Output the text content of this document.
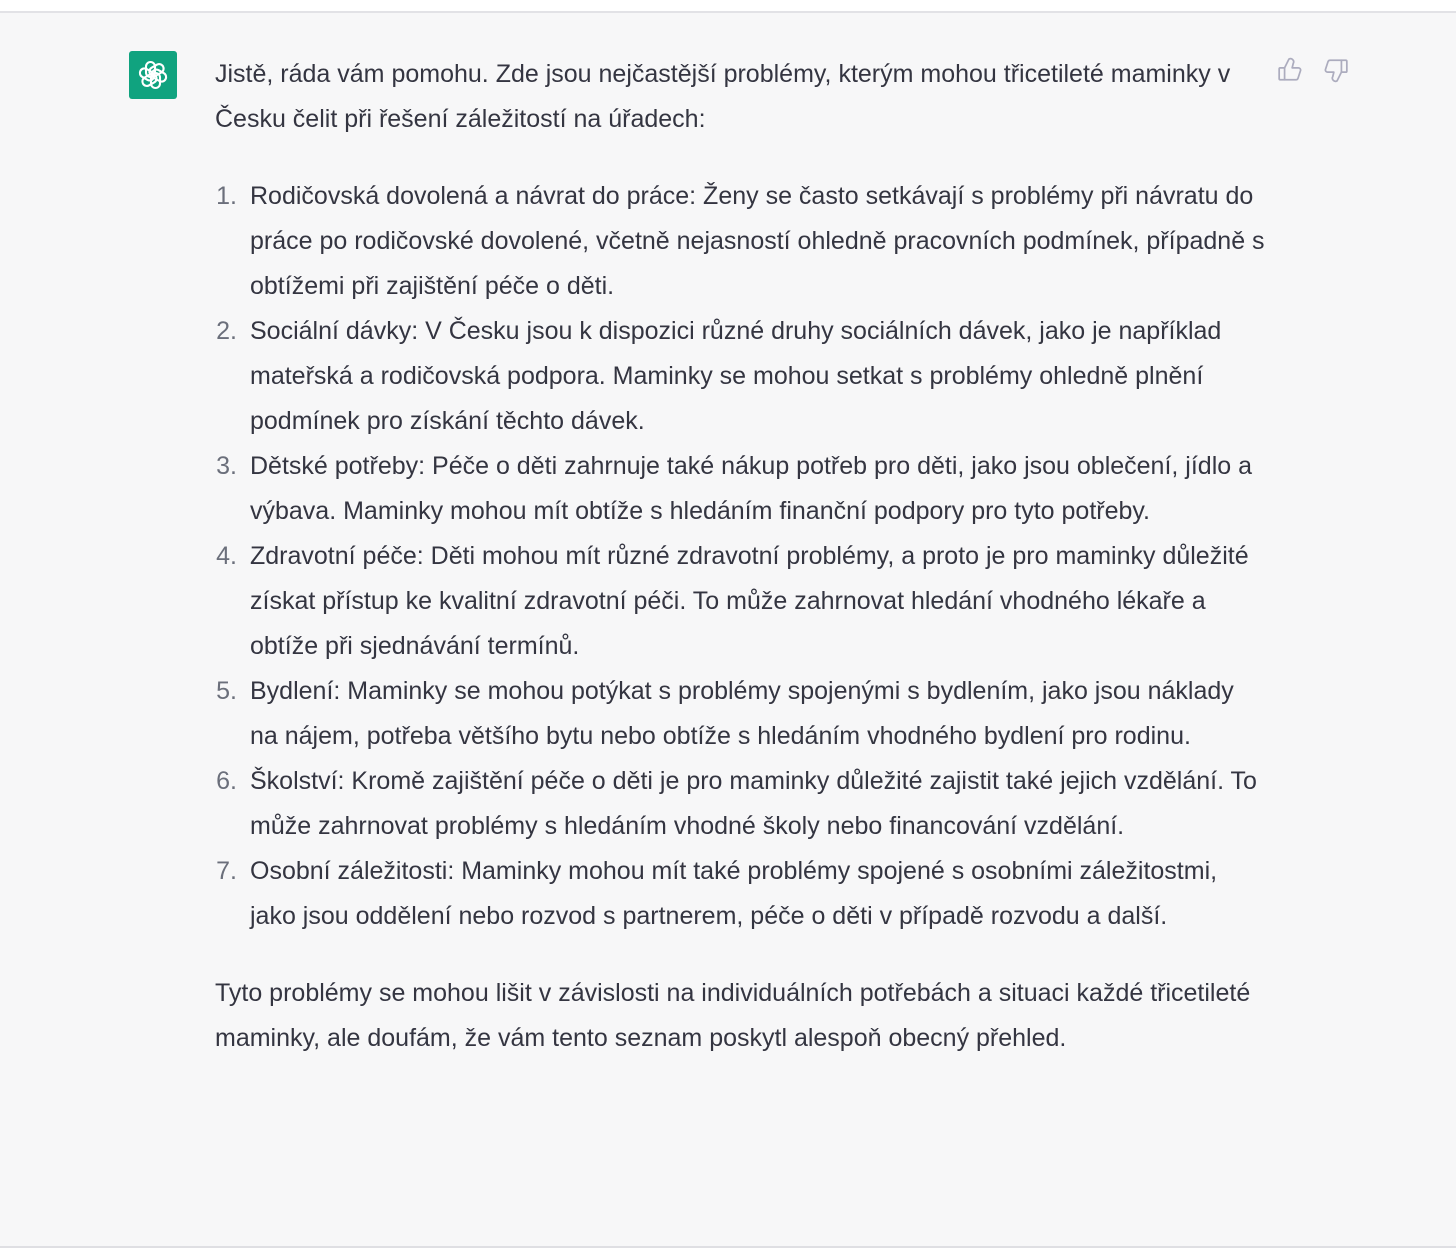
Jistě, ráda vám pomohu. Zde jsou nejčastější problémy, kterým mohou třicetileté maminky v Česku čelit při řešení záležitostí na úřadech:

1. Rodičovská dovolená a návrat do práce: Ženy se často setkávají s problémy při návratu do práce po rodičovské dovolené, včetně nejasností ohledně pracovních podmínek, případně s obtížemi při zajištění péče o děti.
2. Sociální dávky: V Česku jsou k dispozici různé druhy sociálních dávek, jako je například mateřská a rodičovská podpora. Maminky se mohou setkat s problémy ohledně plnění podmínek pro získání těchto dávek.
3. Dětské potřeby: Péče o děti zahrnuje také nákup potřeb pro děti, jako jsou oblečení, jídlo a výbava. Maminky mohou mít obtíže s hledáním finanční podpory pro tyto potřeby.
4. Zdravotní péče: Děti mohou mít různé zdravotní problémy, a proto je pro maminky důležité získat přístup ke kvalitní zdravotní péči. To může zahrnovat hledání vhodného lékaře a obtíže při sjednávání termínů.
5. Bydlení: Maminky se mohou potýkat s problémy spojenými s bydlením, jako jsou náklady na nájem, potřeba většího bytu nebo obtíže s hledáním vhodného bydlení pro rodinu.
6. Školství: Kromě zajištění péče o děti je pro maminky důležité zajistit také jejich vzdělání. To může zahrnovat problémy s hledáním vhodné školy nebo financování vzdělání.
7. Osobní záležitosti: Maminky mohou mít také problémy spojené s osobními záležitostmi, jako jsou oddělení nebo rozvod s partnerem, péče o děti v případě rozvodu a další.

Tyto problémy se mohou lišit v závislosti na individuálních potřebách a situaci každé třicetileté maminky, ale doufám, že vám tento seznam poskytl alespoň obecný přehled.
